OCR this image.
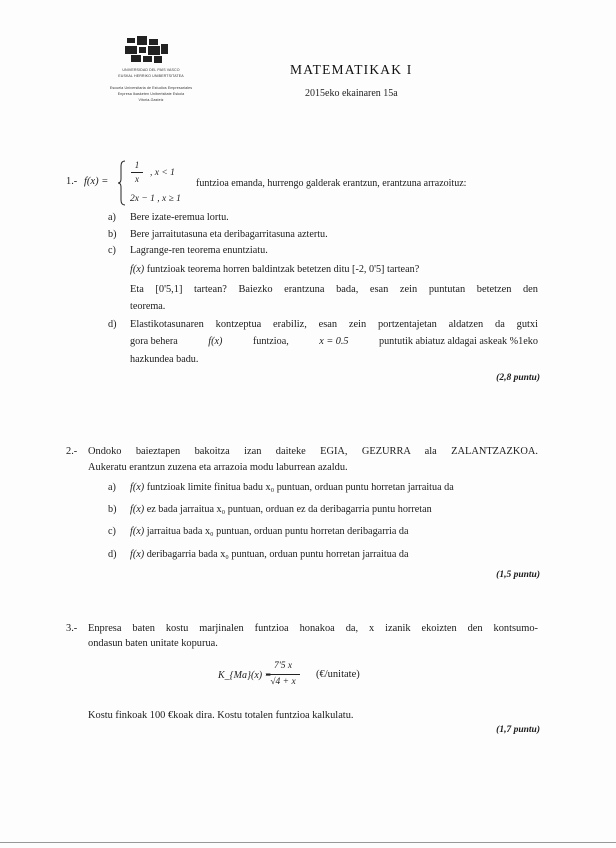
UNIVERSIDAD DEL PAÍS VASCO
EUSKAL HERRIKO UNIBERTSITATEA
Escuela Universitaria de Estudios Empresariales
Enpresa Ikasketen Unibertsitate Eskola
Vitoria-Gasteiz
MATEMATIKAK I
2015eko ekainaren 15a
1.- f(x) =
1
x
, x < 1
2x − 1 , x ≥ 1
funtzioa emanda, hurrengo galderak erantzun, erantzuna arrazoituz:
a) Bere izate-eremua lortu.
b) Bere jarraitutasuna eta deribagarritasuna aztertu.
c) Lagrange-ren teorema enuntziatu.
f(x) funtzioak teorema horren baldintzak betetzen ditu [-2, 0'5] tartean?
Eta [0'5,1] tartean? Baiezko erantzuna bada, esan zein puntutan betetzen den
teorema.
d) Elastikotasunaren kontzeptua erabiliz, esan zein portzentajetan aldatzen da gutxi
gora behera	f(x)	funtzioa,	x = 0.5	puntutik abiatuz aldagai askeak %1eko
hazkundea badu.
(2,8 puntu)
2.- Ondoko baieztapen bakoitza izan daiteke EGIA, GEZURRA ala ZALANTZAZKOA.
Aukeratu erantzun zuzena eta arrazoia modu laburrean azaldu.
a) f(x) funtzioak limite finitua badu x₀ puntuan, orduan puntu horretan jarraitua da
b) f(x) ez bada jarraitua x₀ puntuan, orduan ez da deribagarria puntu horretan
c) f(x) jarraitua bada x₀ puntuan, orduan puntu horretan deribagarria da
d) f(x) deribagarria bada x₀ puntuan, orduan puntu horretan jarraitua da
(1,5 puntu)
3.- Enpresa baten kostu marjinalen funtzioa honakoa da, x izanik ekoizten den kontsumo-
ondasun baten unitate kopurua.
K_{Ma}(x) =
7'5 x
√4 + x
(€/unitate)
Kostu finkoak 100 €koak dira. Kostu totalen funtzioa kalkulatu.
(1,7 puntu)
